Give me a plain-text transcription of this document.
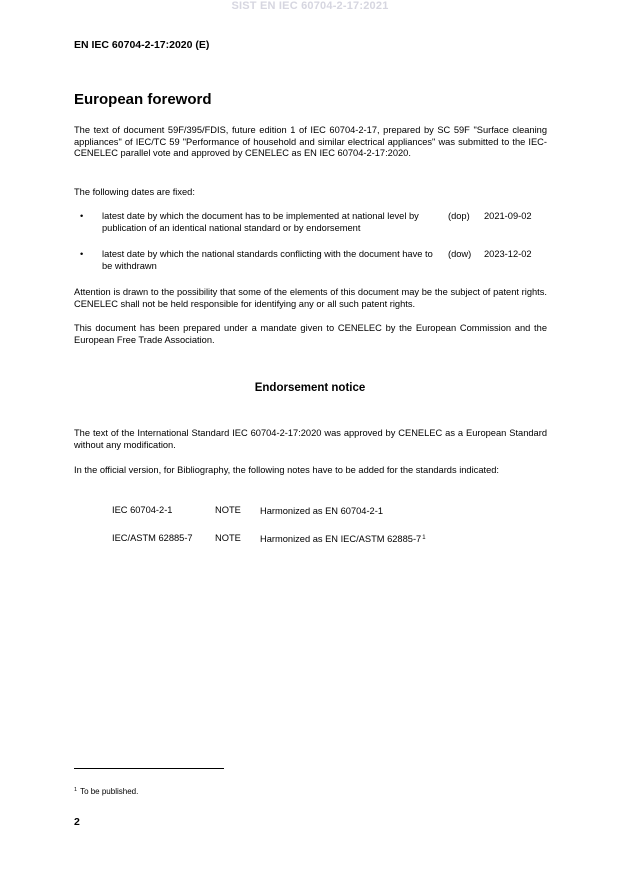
SIST EN IEC 60704-2-17:2021
EN IEC 60704-2-17:2020 (E)
European foreword

The text of document 59F/395/FDIS, future edition 1 of IEC 60704-2-17, prepared by SC 59F "Surface cleaning appliances" of IEC/TC 59 "Performance of household and similar electrical appliances" was submitted to the IEC-CENELEC parallel vote and approved by CENELEC as EN IEC 60704-2-17:2020.

The following dates are fixed:

• latest date by which the document has to be implemented at national level by publication of an identical national standard or by endorsement
(dop) 2021-09-02
• latest date by which the national standards conflicting with the document have to be withdrawn
(dow) 2023-12-02

Attention is drawn to the possibility that some of the elements of this document may be the subject of patent rights. CENELEC shall not be held responsible for identifying any or all such patent rights.

This document has been prepared under a mandate given to CENELEC by the European Commission and the European Free Trade Association.

Endorsement notice

The text of the International Standard IEC 60704-2-17:2020 was approved by CENELEC as a European Standard without any modification.

In the official version, for Bibliography, the following notes have to be added for the standards indicated:

IEC 60704-2-1	NOTE Harmonized as EN 60704-2-1
IEC/ASTM 62885-7 NOTE Harmonized as EN IEC/ASTM $62885-7^1$
$^1$ To be published.
2
